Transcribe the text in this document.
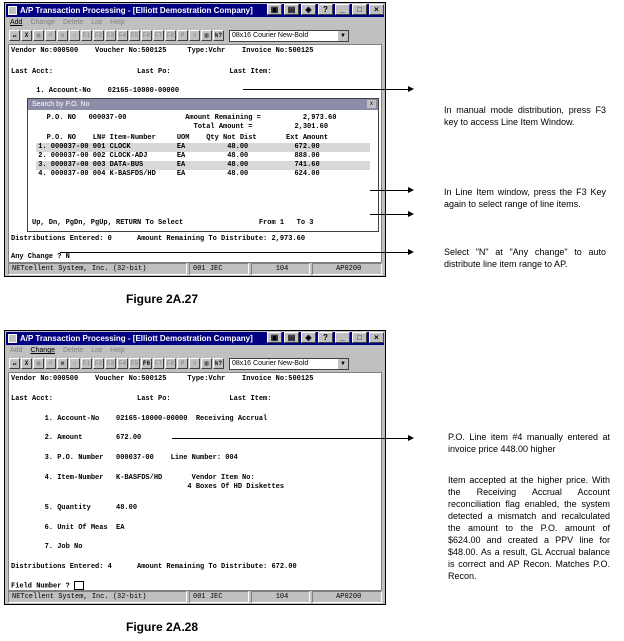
A/P Transaction Processing - [Elliott Demostration Company]	▣	▤	◈	?	_	□	×
Add Change Delete List Help
↵	X	▦	#	⚙	○	F1 F2 F3 F4 F5 F6 F7 F8	P	≡	▥	k?	08x16 Courier New-Bold	▼
Vendor No:000500    Voucher No:500125     Type:Vchr    Invoice No:500125
Last Acct:                    Last Po:              Last Item:
1. Account-No    02165-10000-00000
Distributions Entered: 0      Amount Remaining To Distribute: 2,973.60
Any Change ? N
Search by P.O. No	x
P.O. NO   000037-00              Amount Remaining =          2,973.60
Total Amount =          2,301.60
P.O. NO    LN# Item-Number     UOM    Qty Not Dist       Ext Amount
1. 000037-00 001 CLOCK           EA          48.00           672.00
2. 000037-00 002 CLOCK-ADJ       EA          48.00           888.00
3. 000037-00 003 DATA-BUS        EA          48.00           741.60
4. 000037-00 004 K-BASFDS/HD     EA          48.00           624.00
Up, Dn, PgDn, PgUp, RETURN To Select                  From 1   To 3
NETcellent System, Inc. (32-bit)	001 JEC	104	AP0200
In manual mode distribution, press F3 key to access Line Item Window.
In Line Item window, press the F3 Key again to select range of line items.
Select "N" at "Any change" to auto distribute line item range to AP.
Figure 2A.27
A/P Transaction Processing - [Elliott Demostration Company]	▣	▤	◈	?	_	□	×
Add Change Delete List Help
↵	X	▦	#	⚙	○	F1 F2 F3 F4 F5 F6 F7 F8	P	≡	▥	k?	08x16 Courier New-Bold	▼
Vendor No:000500    Voucher No:500125     Type:Vchr    Invoice No:500125
Last Acct:                    Last Po:              Last Item:
1. Account-No    02165-10000-00000  Receiving Accrual
2. Amount        672.00
3. P.O. Number   000037-00    Line Number: 004
4. Item-Number   K-BASFDS/HD       Vendor Item No:
4 Boxes Of HD Diskettes
5. Quantity      48.00
6. Unit Of Meas  EA
7. Job No
Distributions Entered: 4      Amount Remaining To Distribute: 672.00
Field Number ?
NETcellent System, Inc. (32-bit)	001 JEC	104	AP0200
P.O. Line item #4 manually entered at invoice price 448.00 higher
Item accepted at the higher price. With the Receiving Accrual Account reconciliation flag enabled, the system detected a mismatch and recalculated the amount to the P.O. amount of $624.00 and created a PPV line for $48.00. As a result, GL Accrual balance is correct and AP Recon. Matches P.O. Recon.
Figure 2A.28
